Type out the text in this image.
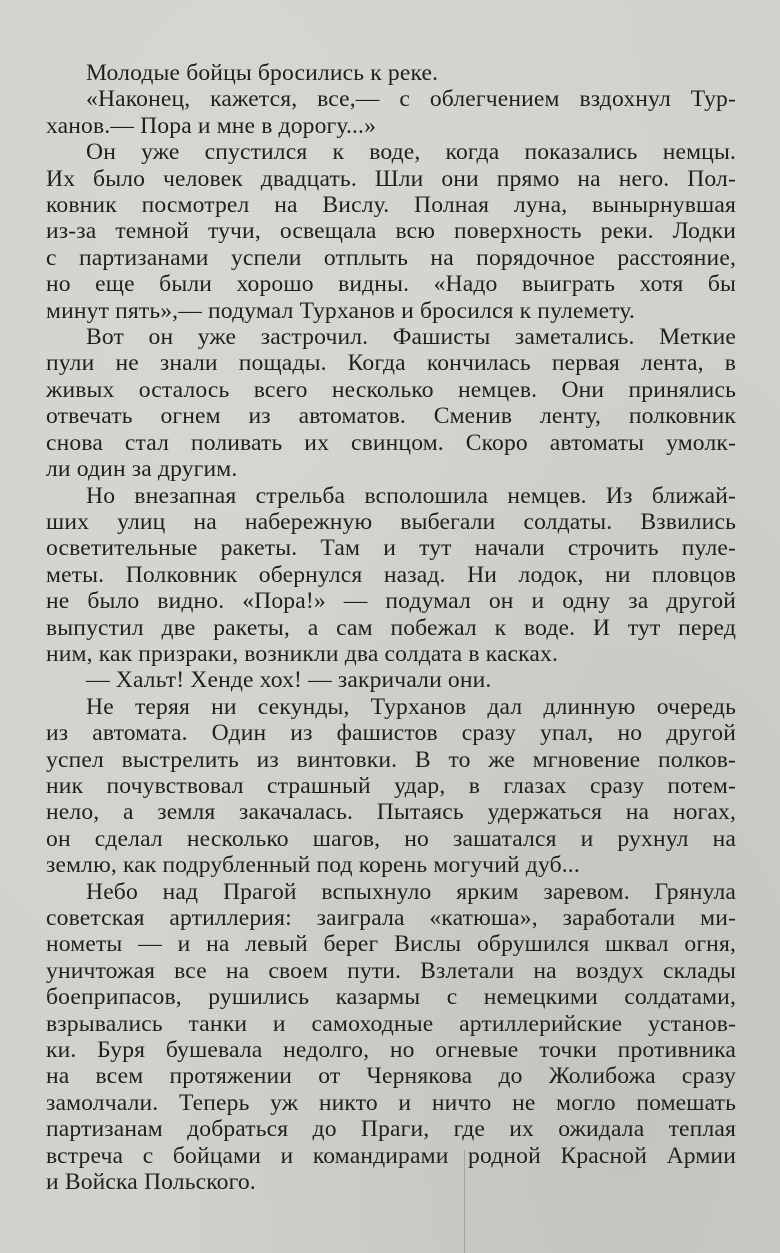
Молодые бойцы бросились к реке.
«Наконец, кажется, все,— с облегчением вздохнул Тур-
ханов.— Пора и мне в дорогу...»
Он уже спустился к воде, когда показались немцы.
Их было человек двадцать. Шли они прямо на него. Пол-
ковник посмотрел на Вислу. Полная луна, вынырнувшая
из-за темной тучи, освещала всю поверхность реки. Лодки
с партизанами успели отплыть на порядочное расстояние,
но еще были хорошо видны. «Надо выиграть хотя бы
минут пять»,— подумал Турханов и бросился к пулемету.
Вот он уже застрочил. Фашисты заметались. Меткие
пули не знали пощады. Когда кончилась первая лента, в
живых осталось всего несколько немцев. Они принялись
отвечать огнем из автоматов. Сменив ленту, полковник
снова стал поливать их свинцом. Скоро автоматы умолк-
ли один за другим.
Но внезапная стрельба всполошила немцев. Из ближай-
ших улиц на набережную выбегали солдаты. Взвились
осветительные ракеты. Там и тут начали строчить пуле-
меты. Полковник обернулся назад. Ни лодок, ни пловцов
не было видно. «Пора!» — подумал он и одну за другой
выпустил две ракеты, а сам побежал к воде. И тут перед
ним, как призраки, возникли два солдата в касках.
— Хальт! Хенде хох! — закричали они.
Не теряя ни секунды, Турханов дал длинную очередь
из автомата. Один из фашистов сразу упал, но другой
успел выстрелить из винтовки. В то же мгновение полков-
ник почувствовал страшный удар, в глазах сразу потем-
нело, а земля закачалась. Пытаясь удержаться на ногах,
он сделал несколько шагов, но зашатался и рухнул на
землю, как подрубленный под корень могучий дуб...
Небо над Прагой вспыхнуло ярким заревом. Грянула
советская артиллерия: заиграла «катюша», заработали ми-
нометы — и на левый берег Вислы обрушился шквал огня,
уничтожая все на своем пути. Взлетали на воздух склады
боеприпасов, рушились казармы с немецкими солдатами,
взрывались танки и самоходные артиллерийские установ-
ки. Буря бушевала недолго, но огневые точки противника
на всем протяжении от Чернякова до Жолибожа сразу
замолчали. Теперь уж никто и ничто не могло помешать
партизанам добраться до Праги, где их ожидала теплая
встреча с бойцами и командирами родной Красной Армии
и Войска Польского.
